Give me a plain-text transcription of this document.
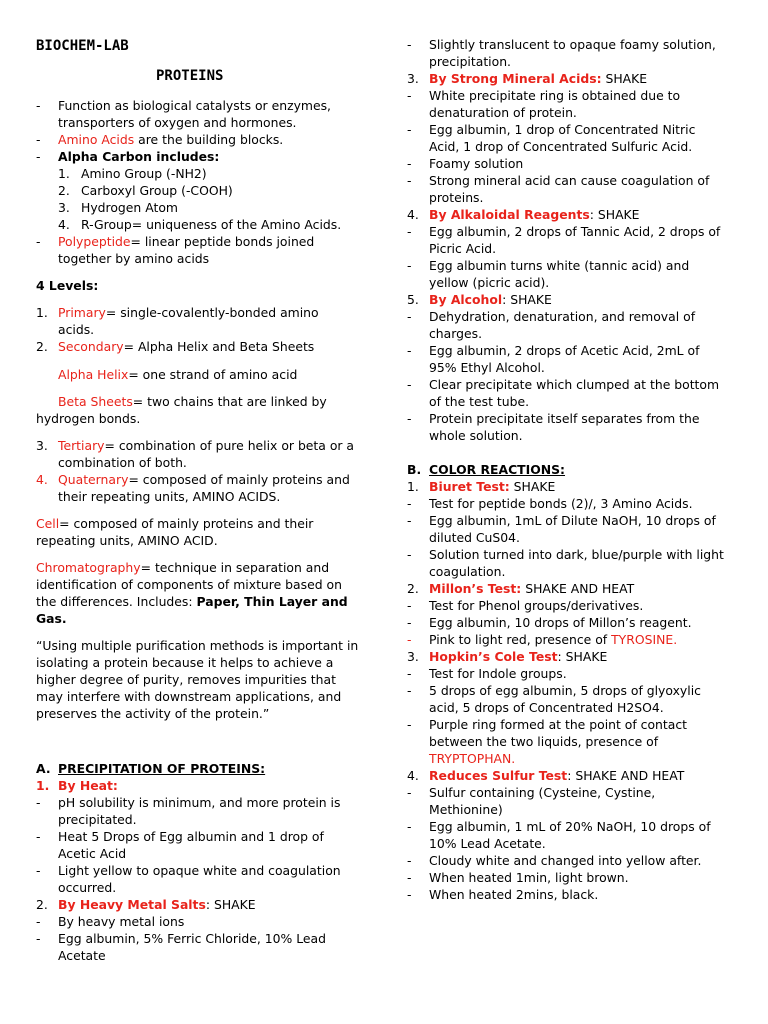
BIOCHEM-LAB
PROTEINS
- Function as biological catalysts or enzymes,
transporters of oxygen and hormones.
- Amino Acids are the building blocks.
- Alpha Carbon includes:
1. Amino Group (-NH2)
2. Carboxyl Group (-COOH)
3. Hydrogen Atom
4. R-Group= uniqueness of the Amino Acids.
- Polypeptide= linear peptide bonds joined
together by amino acids
4 Levels:
1. Primary= single-covalently-bonded amino
acids.
2. Secondary= Alpha Helix and Beta Sheets
Alpha Helix= one strand of amino acid
Beta Sheets= two chains that are linked by
hydrogen bonds.
3. Tertiary= combination of pure helix or beta or a
combination of both.
4. Quaternary= composed of mainly proteins and
their repeating units, AMINO ACIDS.
Cell= composed of mainly proteins and their
repeating units, AMINO ACID.
Chromatography= technique in separation and
identification of components of mixture based on
the differences. Includes: Paper, Thin Layer and
Gas.
“Using multiple purification methods is important in
isolating a protein because it helps to achieve a
higher degree of purity, removes impurities that
may interfere with downstream applications, and
preserves the activity of the protein.”
A. PRECIPITATION OF PROTEINS:
1. By Heat:
- pH solubility is minimum, and more protein is
precipitated.
- Heat 5 Drops of Egg albumin and 1 drop of
Acetic Acid
- Light yellow to opaque white and coagulation
occurred.
2. By Heavy Metal Salts: SHAKE
- By heavy metal ions
- Egg albumin, 5% Ferric Chloride, 10% Lead
Acetate
- Slightly translucent to opaque foamy solution,
precipitation.
3. By Strong Mineral Acids: SHAKE
- White precipitate ring is obtained due to
denaturation of protein.
- Egg albumin, 1 drop of Concentrated Nitric
Acid, 1 drop of Concentrated Sulfuric Acid.
- Foamy solution
- Strong mineral acid can cause coagulation of
proteins.
4. By Alkaloidal Reagents: SHAKE
- Egg albumin, 2 drops of Tannic Acid, 2 drops of
Picric Acid.
- Egg albumin turns white (tannic acid) and
yellow (picric acid).
5. By Alcohol: SHAKE
- Dehydration, denaturation, and removal of
charges.
- Egg albumin, 2 drops of Acetic Acid, 2mL of
95% Ethyl Alcohol.
- Clear precipitate which clumped at the bottom
of the test tube.
- Protein precipitate itself separates from the
whole solution.
B. COLOR REACTIONS:
1. Biuret Test: SHAKE
- Test for peptide bonds (2)/, 3 Amino Acids.
- Egg albumin, 1mL of Dilute NaOH, 10 drops of
diluted CuS04.
- Solution turned into dark, blue/purple with light
coagulation.
2. Millon’s Test: SHAKE AND HEAT
- Test for Phenol groups/derivatives.
- Egg albumin, 10 drops of Millon’s reagent.
- Pink to light red, presence of TYROSINE.
3. Hopkin’s Cole Test: SHAKE
- Test for Indole groups.
- 5 drops of egg albumin, 5 drops of glyoxylic
acid, 5 drops of Concentrated H2SO4.
- Purple ring formed at the point of contact
between the two liquids, presence of
TRYPTOPHAN.
4. Reduces Sulfur Test: SHAKE AND HEAT
- Sulfur containing (Cysteine, Cystine,
Methionine)
- Egg albumin, 1 mL of 20% NaOH, 10 drops of
10% Lead Acetate.
- Cloudy white and changed into yellow after.
- When heated 1min, light brown.
- When heated 2mins, black.
